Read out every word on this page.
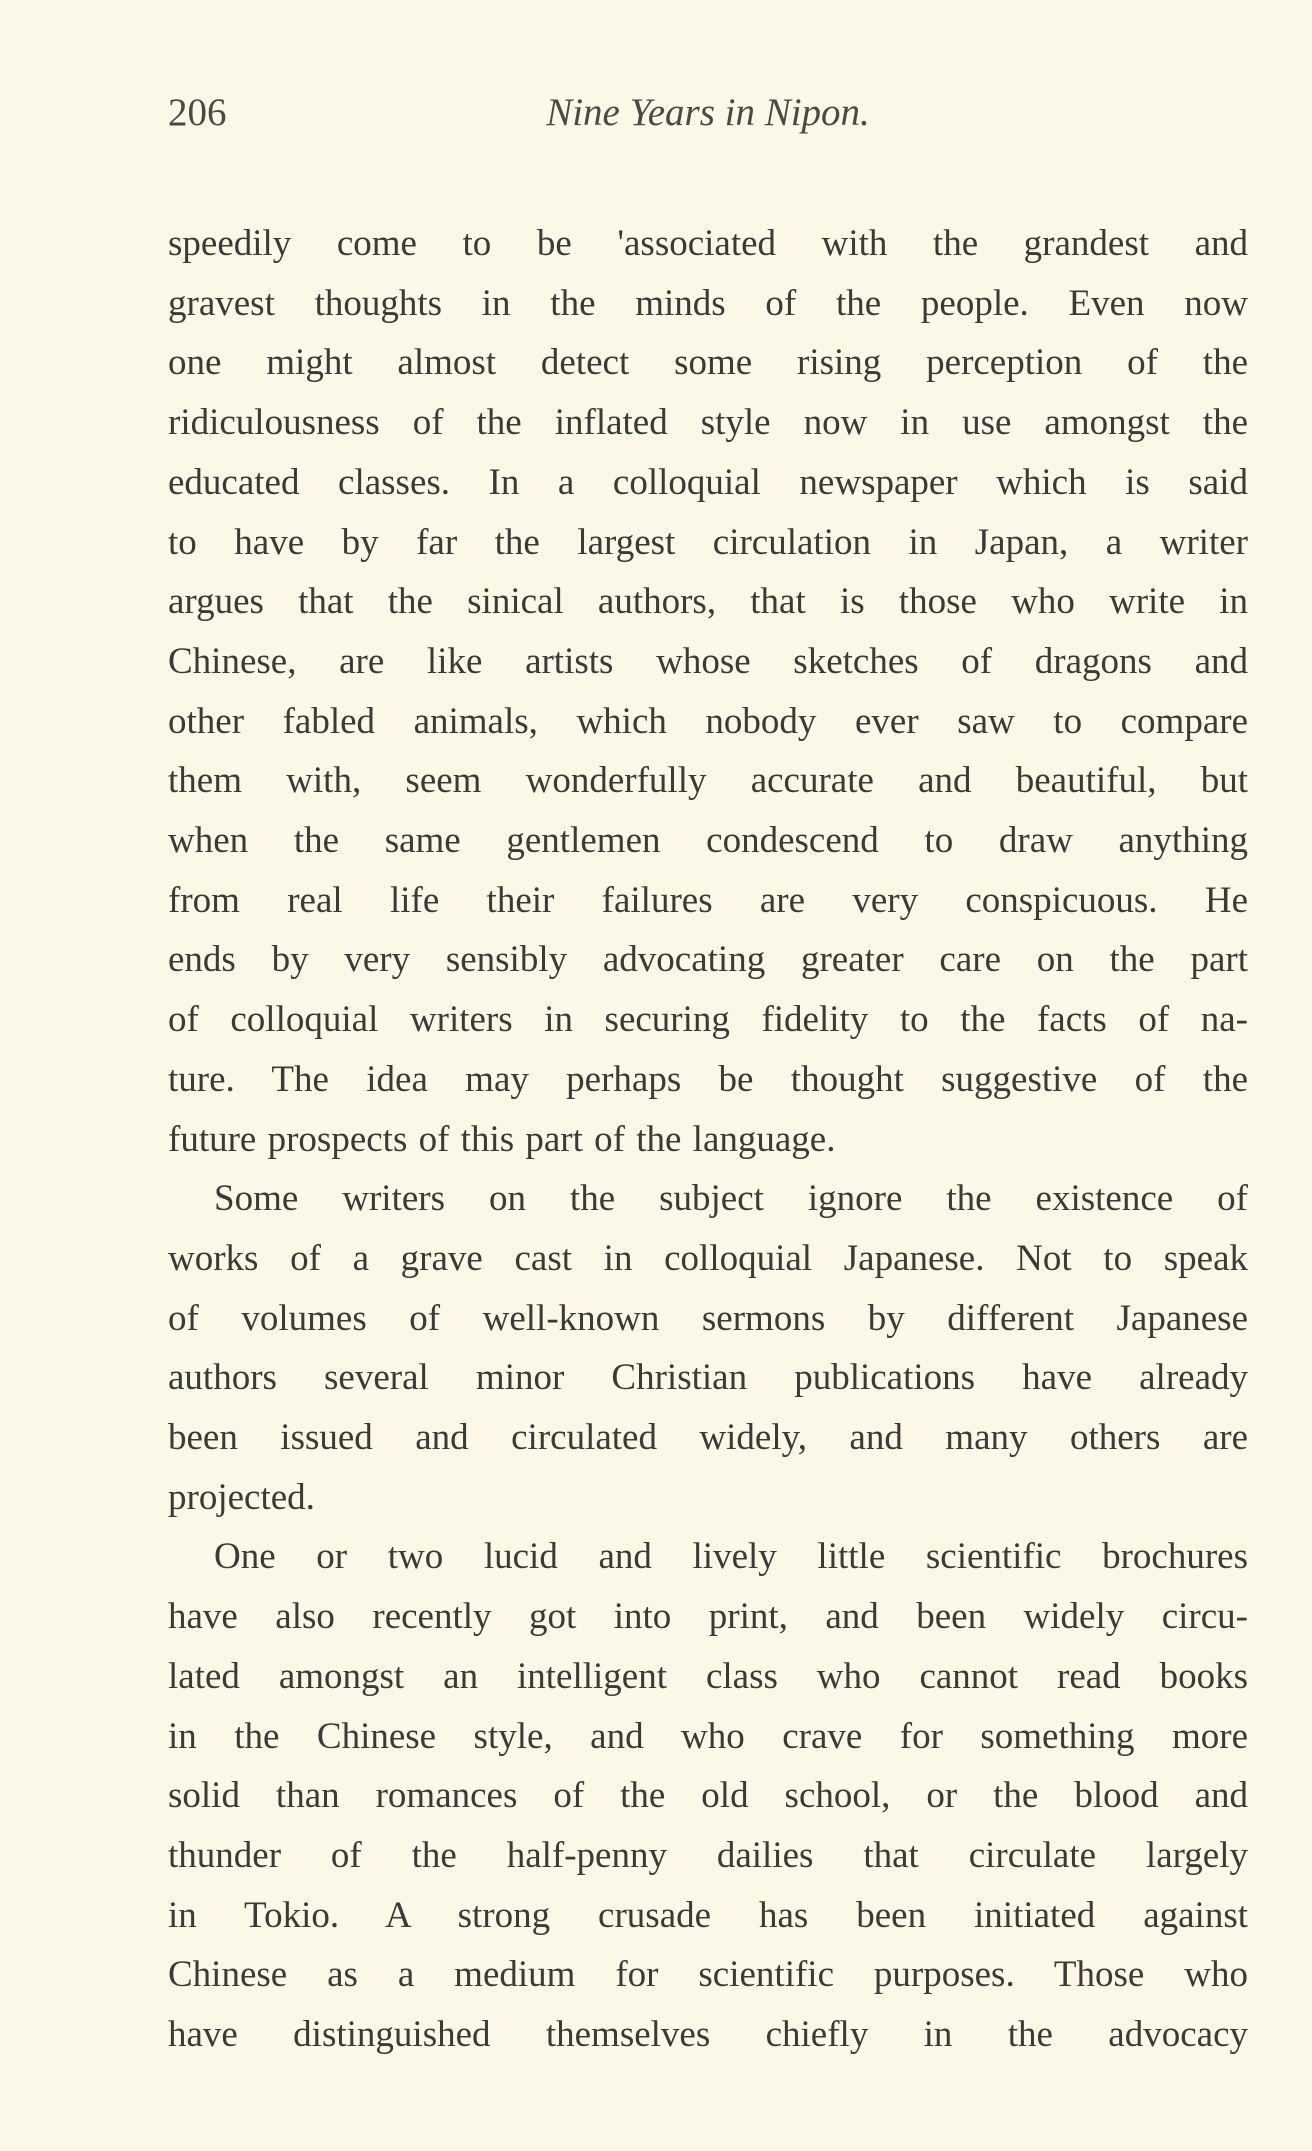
206	Nine Years in Nipon.
speedily come to be 'associated with the grandest and
gravest thoughts in the minds of the people. Even now
one might almost detect some rising perception of the
ridiculousness of the inflated style now in use amongst the
educated classes. In a colloquial newspaper which is said
to have by far the largest circulation in Japan, a writer
argues that the sinical authors, that is those who write in
Chinese, are like artists whose sketches of dragons and
other fabled animals, which nobody ever saw to compare
them with, seem wonderfully accurate and beautiful, but
when the same gentlemen condescend to draw anything
from real life their failures are very conspicuous. He
ends by very sensibly advocating greater care on the part
of colloquial writers in securing fidelity to the facts of na-
ture. The idea may perhaps be thought suggestive of the
future prospects of this part of the language.
Some writers on the subject ignore the existence of
works of a grave cast in colloquial Japanese. Not to speak
of volumes of well-known sermons by different Japanese
authors several minor Christian publications have already
been issued and circulated widely, and many others are
projected.
One or two lucid and lively little scientific brochures
have also recently got into print, and been widely circu-
lated amongst an intelligent class who cannot read books
in the Chinese style, and who crave for something more
solid than romances of the old school, or the blood and
thunder of the half-penny dailies that circulate largely
in Tokio. A strong crusade has been initiated against
Chinese as a medium for scientific purposes. Those who
have distinguished themselves chiefly in the advocacy
